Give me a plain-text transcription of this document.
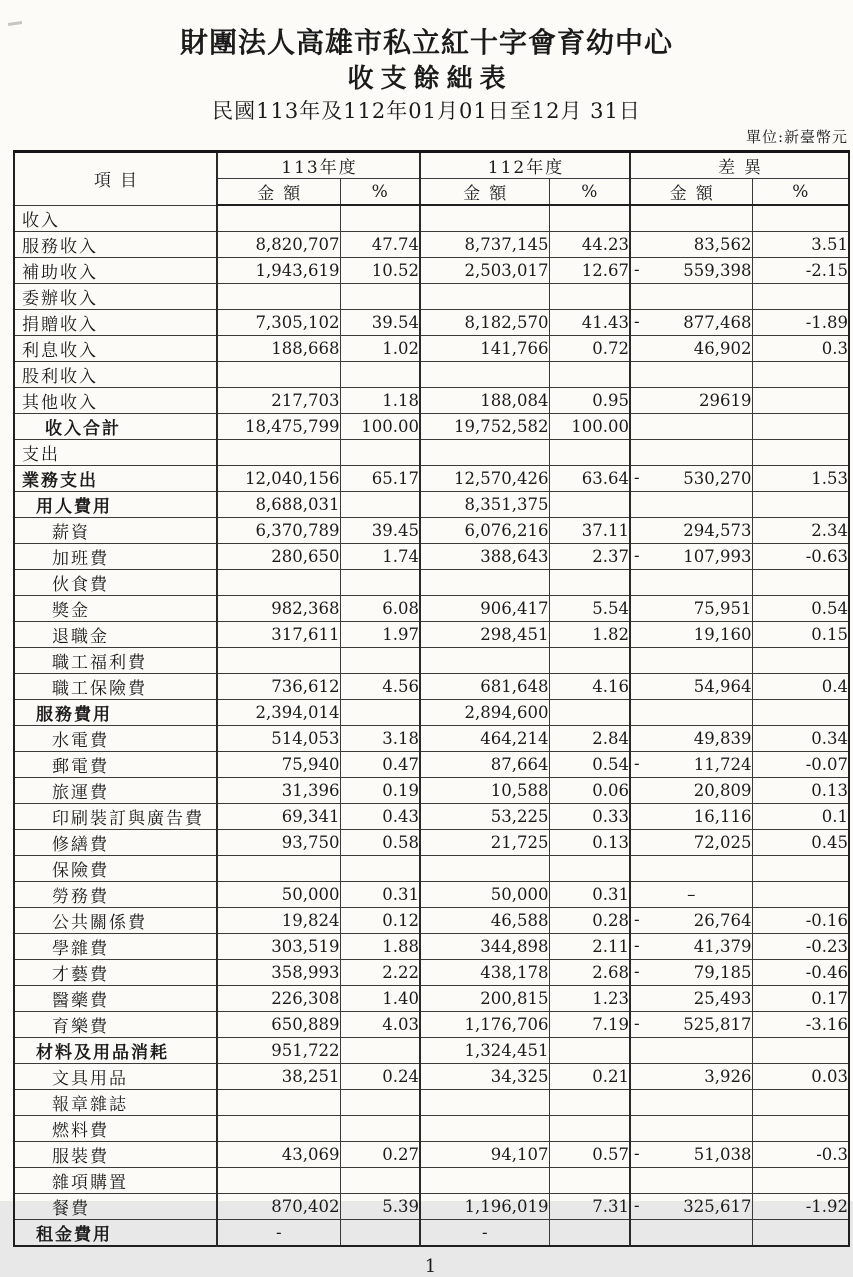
財團法人高雄市私立紅十字會育幼中心
收支餘絀表
民國113年及112年01月01日至12月 31日
單位:新臺幣元
項目	113年度		112年度		差異	
	金額	%	金額	%	金額	%
收入						
服務收入	8,820,707	47.74	8,737,145	44.23	83,562	3.51
補助收入	1,943,619	10.52	2,503,017	12.67	- 559,398	-2.15
委辦收入						
捐贈收入	7,305,102	39.54	8,182,570	41.43	- 877,468	-1.89
利息收入	188,668	1.02	141,766	0.72	46,902	0.3
股利收入						
其他收入	217,703	1.18	188,084	0.95	29619	
收入合計	18,475,799	100.00	19,752,582	100.00		
支出						
業務支出	12,040,156	65.17	12,570,426	63.64	- 530,270	1.53
用人費用	8,688,031		8,351,375			
薪資	6,370,789	39.45	6,076,216	37.11	294,573	2.34
加班費	280,650	1.74	388,643	2.37	- 107,993	-0.63
伙食費						
獎金	982,368	6.08	906,417	5.54	75,951	0.54
退職金	317,611	1.97	298,451	1.82	19,160	0.15
職工福利費						
職工保險費	736,612	4.56	681,648	4.16	54,964	0.4
服務費用	2,394,014		2,894,600			
水電費	514,053	3.18	464,214	2.84	49,839	0.34
郵電費	75,940	0.47	87,664	0.54	- 11,724	-0.07
旅運費	31,396	0.19	10,588	0.06	20,809	0.13
印刷裝訂與廣告費	69,341	0.43	53,225	0.33	16,116	0.1
修繕費	93,750	0.58	21,725	0.13	72,025	0.45
保險費						
勞務費	50,000	0.31	50,000	0.31	–	
公共關係費	19,824	0.12	46,588	0.28	- 26,764	-0.16
學雜費	303,519	1.88	344,898	2.11	- 41,379	-0.23
才藝費	358,993	2.22	438,178	2.68	- 79,185	-0.46
醫藥費	226,308	1.40	200,815	1.23	25,493	0.17
育樂費	650,889	4.03	1,176,706	7.19	- 525,817	-3.16
材料及用品消耗	951,722		1,324,451			
文具用品	38,251	0.24	34,325	0.21	3,926	0.03
報章雜誌						
燃料費						
服裝費	43,069	0.27	94,107	0.57	- 51,038	-0.3
雜項購置						
餐費	870,402	5.39	1,196,019	7.31	- 325,617	-1.92
租金費用	-		-			
1
